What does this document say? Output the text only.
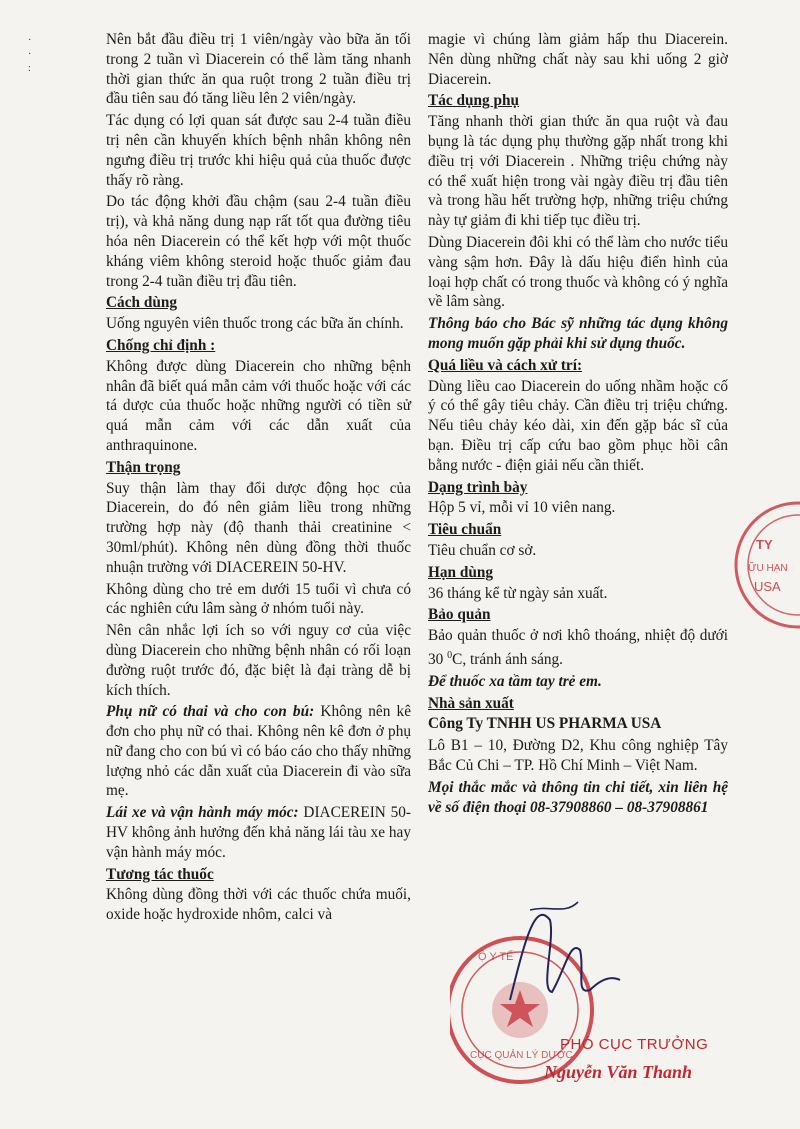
·
·
:

Nên bắt đầu điều trị 1 viên/ngày vào bữa ăn tối trong 2 tuần vì Diacerein có thể làm tăng nhanh thời gian thức ăn qua ruột trong 2 tuần điều trị đầu tiên sau đó tăng liều lên 2 viên/ngày.

Tác dụng có lợi quan sát được sau 2-4 tuần điều trị nên cần khuyến khích bệnh nhân không nên ngưng điều trị trước khi hiệu quả của thuốc được thấy rõ ràng.

Do tác động khởi đầu chậm (sau 2-4 tuần điều trị), và khả năng dung nạp rất tốt qua đường tiêu hóa nên Diacerein có thể kết hợp với một thuốc kháng viêm không steroid hoặc thuốc giảm đau trong 2-4 tuần điều trị đầu tiên.

Cách dùng

Uống nguyên viên thuốc trong các bữa ăn chính.

Chống chỉ định :

Không được dùng Diacerein cho những bệnh nhân đã biết quá mẫn cảm với thuốc hoặc với các tá dược của thuốc hoặc những người có tiền sử quá mẫn cảm với các dẫn xuất của anthraquinone.

Thận trọng

Suy thận làm thay đổi dược động học của Diacerein, do đó nên giảm liều trong những trường hợp này (độ thanh thải creatinine < 30ml/phút). Không nên dùng đồng thời thuốc nhuận trường với DIACEREIN 50-HV.

Không dùng cho trẻ em dưới 15 tuổi vì chưa có các nghiên cứu lâm sàng ở nhóm tuổi này.

Nên cân nhắc lợi ích so với nguy cơ của việc dùng Diacerein cho những bệnh nhân có rối loạn đường ruột trước đó, đặc biệt là đại tràng dễ bị kích thích.

Phụ nữ có thai và cho con bú: Không nên kê đơn cho phụ nữ có thai. Không nên kê đơn ở phụ nữ đang cho con bú vì có báo cáo cho thấy những lượng nhỏ các dẫn xuất của Diacerein đi vào sữa mẹ.

Lái xe và vận hành máy móc: DIACEREIN 50-HV không ảnh hưởng đến khả năng lái tàu xe hay vận hành máy móc.

Tương tác thuốc

Không dùng đồng thời với các thuốc chứa muối, oxide hoặc hydroxide nhôm, calci và

magie vì chúng làm giảm hấp thu Diacerein. Nên dùng những chất này sau khi uống 2 giờ Diacerein.

Tác dụng phụ

Tăng nhanh thời gian thức ăn qua ruột và đau bụng là tác dụng phụ thường gặp nhất trong khi điều trị với Diacerein . Những triệu chứng này có thể xuất hiện trong vài ngày điều trị đầu tiên và trong hầu hết trường hợp, những triệu chứng này tự giảm đi khi tiếp tục điều trị.

Dùng Diacerein đôi khi có thể làm cho nước tiểu vàng sậm hơn. Đây là dấu hiệu điển hình của loại hợp chất có trong thuốc và không có ý nghĩa về lâm sàng.

Thông báo cho Bác sỹ những tác dụng không mong muốn gặp phải khi sử dụng thuốc.

Quá liều và cách xử trí:

Dùng liều cao Diacerein do uống nhầm hoặc cố ý có thể gây tiêu chảy. Cần điều trị triệu chứng. Nếu tiêu chảy kéo dài, xin đến gặp bác sĩ của bạn. Điều trị cấp cứu bao gồm phục hồi cân bằng nước - điện giải nếu cần thiết.

Dạng trình bày

Hộp 5 vỉ, mỗi vỉ 10 viên nang.

Tiêu chuẩn

Tiêu chuẩn cơ sở.

Hạn dùng

36 tháng kể từ ngày sản xuất.

Bảo quản

Bảo quản thuốc ở nơi khô thoáng, nhiệt độ dưới 30 $^0$C, tránh ánh sáng.

Để thuốc xa tầm tay trẻ em.

Nhà sản xuất

Công Ty TNHH US PHARMA USA

Lô B1 – 10, Đường D2, Khu công nghiệp Tây Bắc Củ Chi – TP. Hồ Chí Minh – Việt Nam.

Mọi thắc mắc và thông tin chi tiết, xin liên hệ về số điện thoại 08-37908860 – 08-37908861

TY
ỮU HẠN
USA
Ộ Y TẾ
CỤC QUẢN LÝ DƯỢC
PHÓ CỤC TRƯỞNG
Nguyễn Văn Thanh
